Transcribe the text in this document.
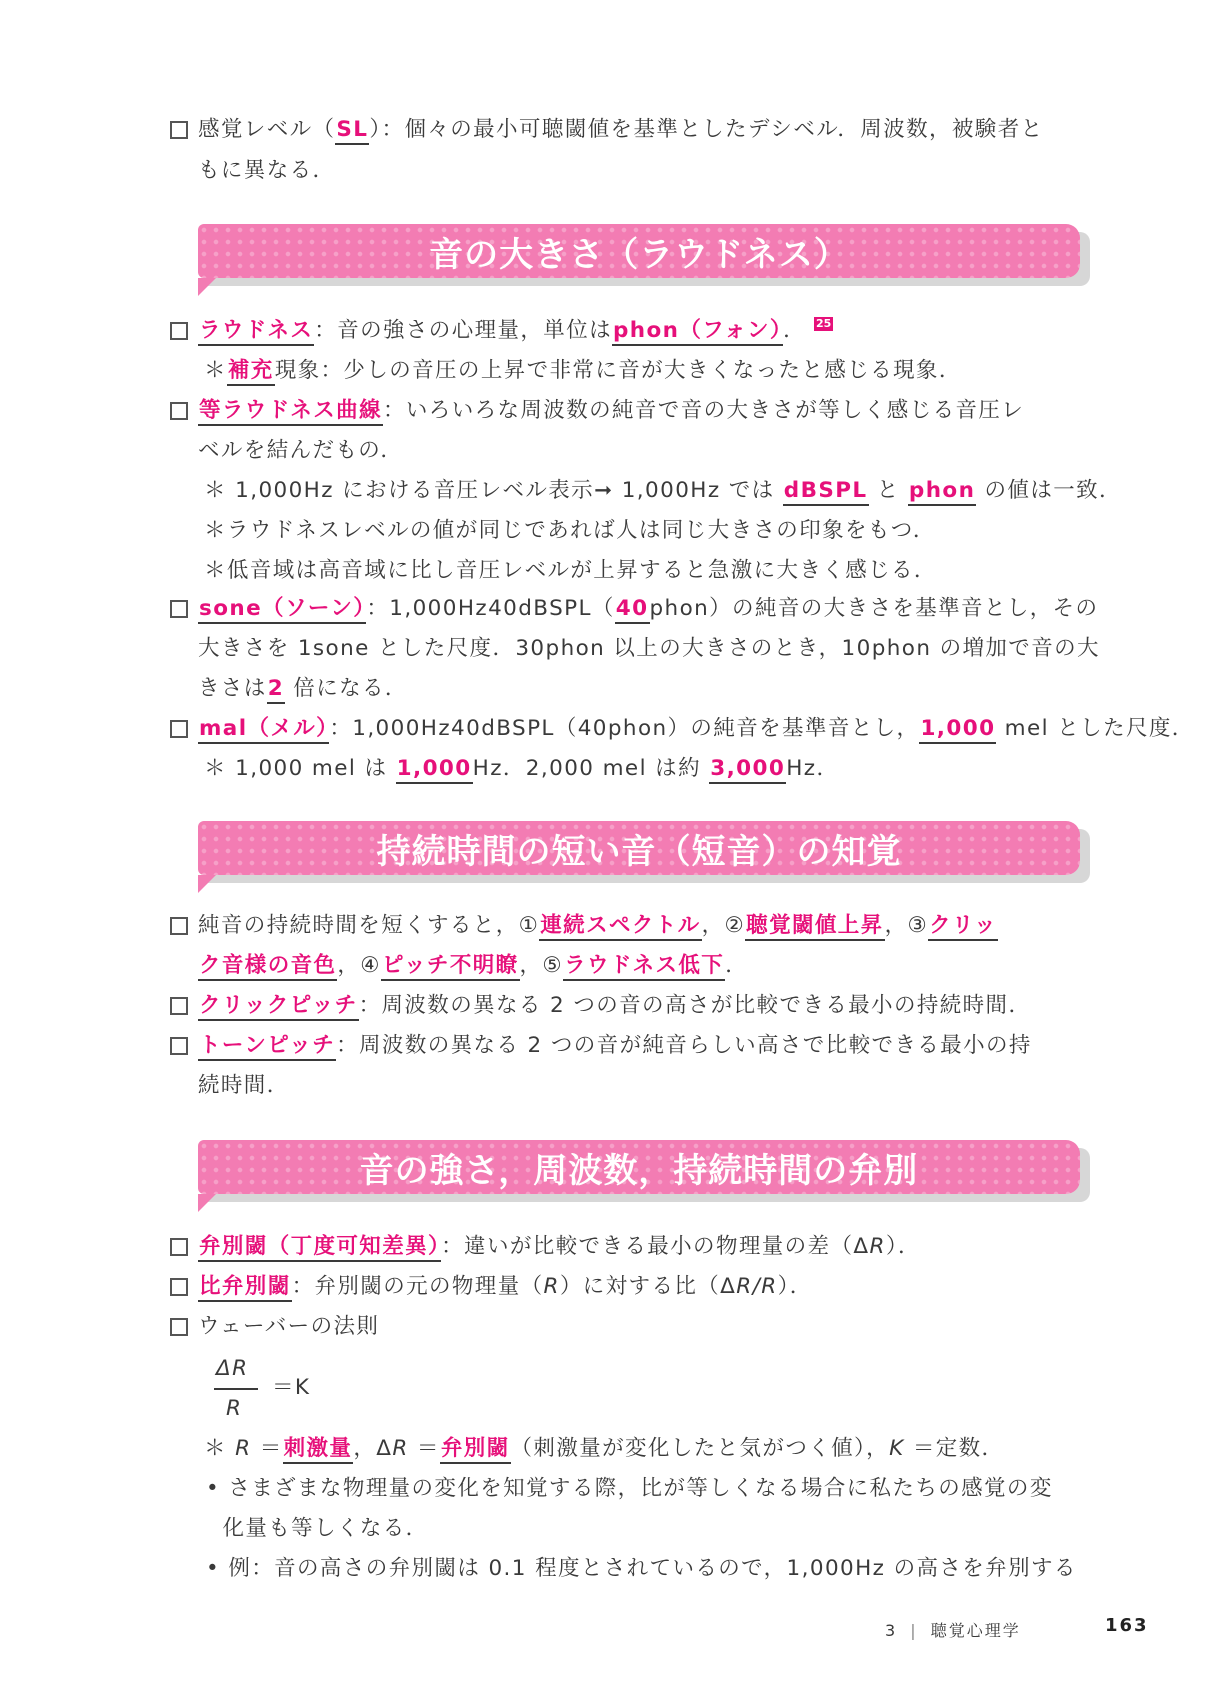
感覚レベル（SL）：個々の最小可聴閾値を基準としたデシベル．周波数，被験者と
もに異なる．
音の大きさ（ラウドネス）
ラウドネス：音の強さの心理量，単位はphon（フォン）． 25
＊補充現象：少しの音圧の上昇で非常に音が大きくなったと感じる現象．
等ラウドネス曲線：いろいろな周波数の純音で音の大きさが等しく感じる音圧レ
ベルを結んだもの．
＊ 1,000Hz における音圧レベル表示➞ 1,000Hz では dBSPL と phon の値は一致．
＊ラウドネスレベルの値が同じであれば人は同じ大きさの印象をもつ．
＊低音域は高音域に比し音圧レベルが上昇すると急激に大きく感じる．
sone（ソーン）：1,000Hz40dBSPL（40phon）の純音の大きさを基準音とし，その
大きさを 1sone とした尺度．30phon 以上の大きさのとき，10phon の増加で音の大
きさは2 倍になる．
mal（メル）：1,000Hz40dBSPL（40phon）の純音を基準音とし，1,000 mel とした尺度．
＊ 1,000 mel は 1,000Hz．2,000 mel は約 3,000Hz．
持続時間の短い音（短音）の知覚
純音の持続時間を短くすると，①連続スペクトル，②聴覚閾値上昇，③クリッ
ク音様の音色，④ピッチ不明瞭，⑤ラウドネス低下．
クリックピッチ：周波数の異なる 2 つの音の高さが比較できる最小の持続時間．
トーンピッチ：周波数の異なる 2 つの音が純音らしい高さで比較できる最小の持
続時間．
音の強さ，周波数，持続時間の弁別
弁別閾（丁度可知差異）：違いが比較できる最小の物理量の差（ΔR）．
比弁別閾：弁別閾の元の物理量（R）に対する比（ΔR/R）．
ウェーバーの法則
ΔR
R
＝K
＊ R ＝刺激量，ΔR ＝弁別閾（刺激量が変化したと気がつく値），K ＝定数．
• さまざまな物理量の変化を知覚する際，比が等しくなる場合に私たちの感覚の変
化量も等しくなる．
• 例：音の高さの弁別閾は 0.1 程度とされているので，1,000Hz の高さを弁別する
3 | 聴覚心理学	163
